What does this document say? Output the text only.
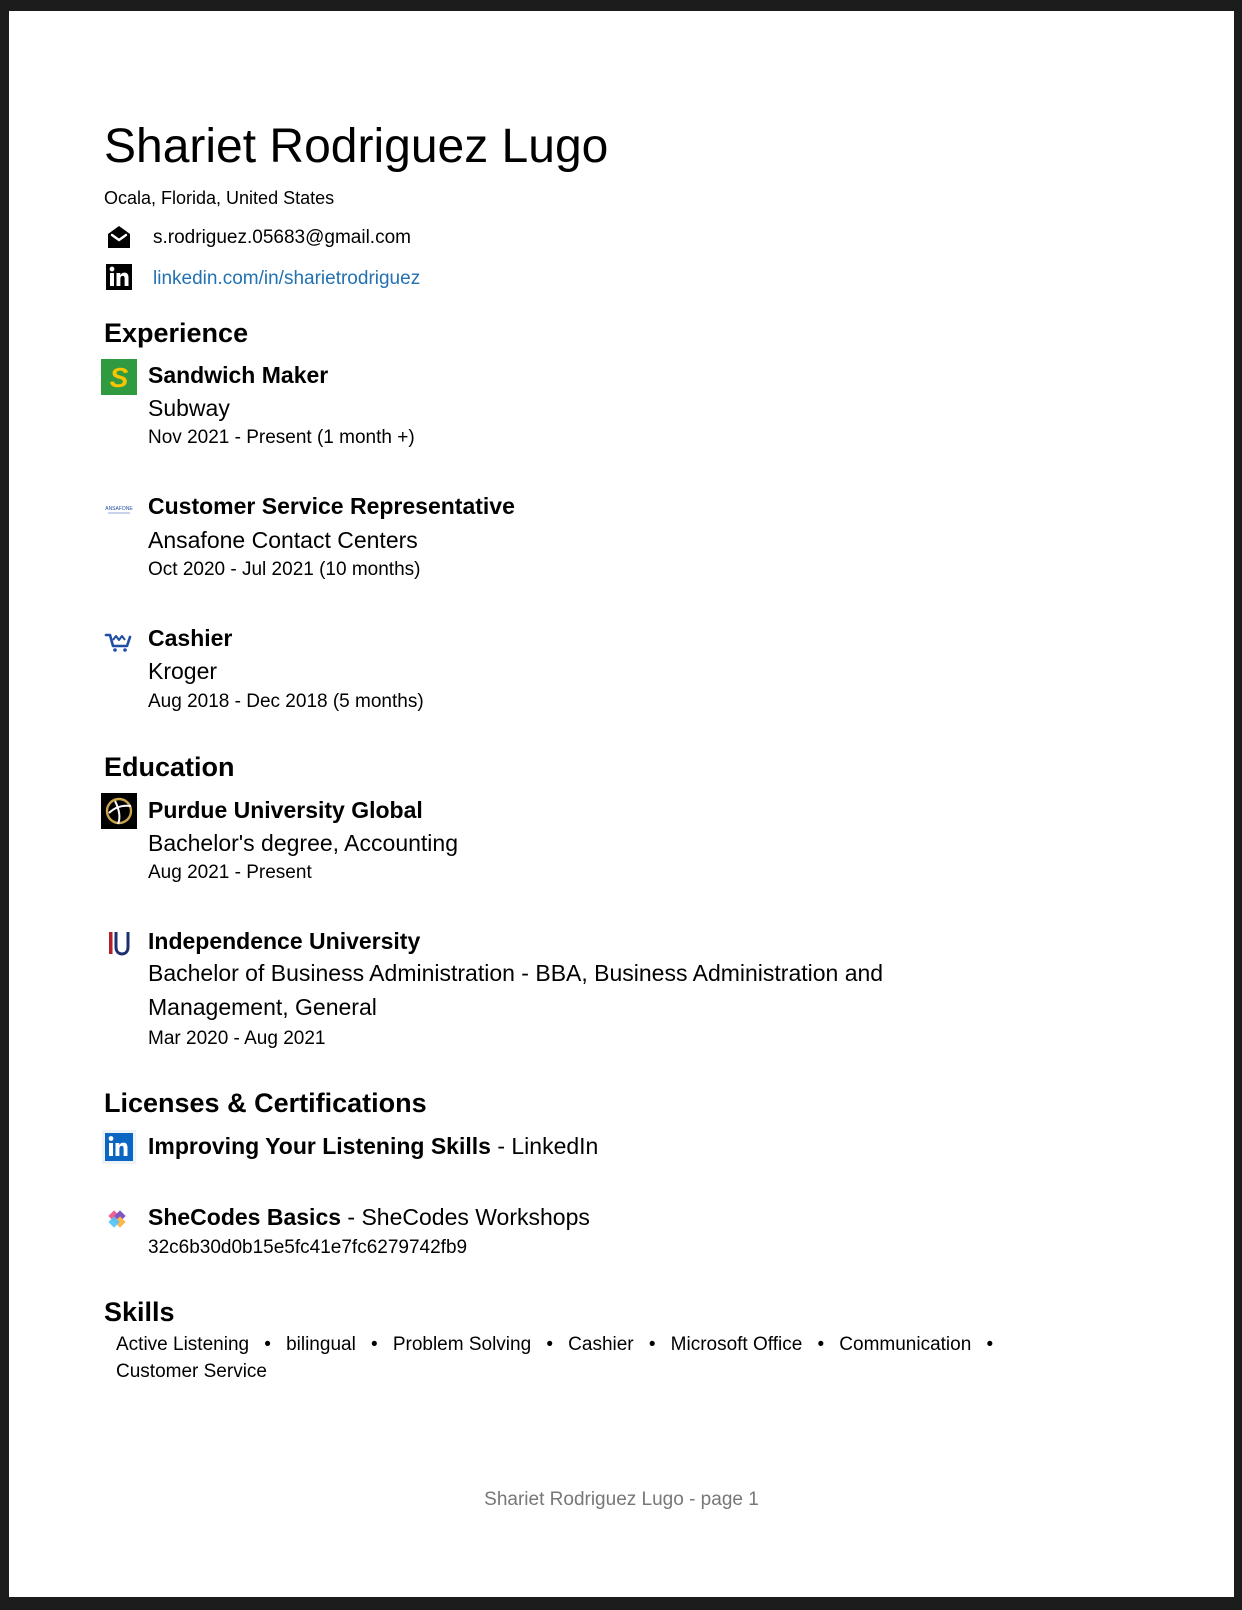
Shariet Rodriguez Lugo
Ocala, Florida, United States
s.rodriguez.05683@gmail.com
linkedin.com/in/sharietrodriguez
Experience
S Sandwich Maker
Subway
Nov 2021 - Present (1 month +)
ANSAFONE Customer Service Representative
Ansafone Contact Centers
Oct 2020 - Jul 2021 (10 months)
Cashier
Kroger
Aug 2018 - Dec 2018 (5 months)
Education
Purdue University Global
Bachelor's degree, Accounting
Aug 2021 - Present
Independence University
Bachelor of Business Administration - BBA, Business Administration and Management, General
Mar 2020 - Aug 2021
Licenses & Certifications
Improving Your Listening Skills - LinkedIn
SheCodes Basics - SheCodes Workshops
32c6b30d0b15e5fc41e7fc6279742fb9
Skills
Active Listening • bilingual • Problem Solving • Cashier • Microsoft Office • Communication •
Customer Service
Shariet Rodriguez Lugo - page 1
